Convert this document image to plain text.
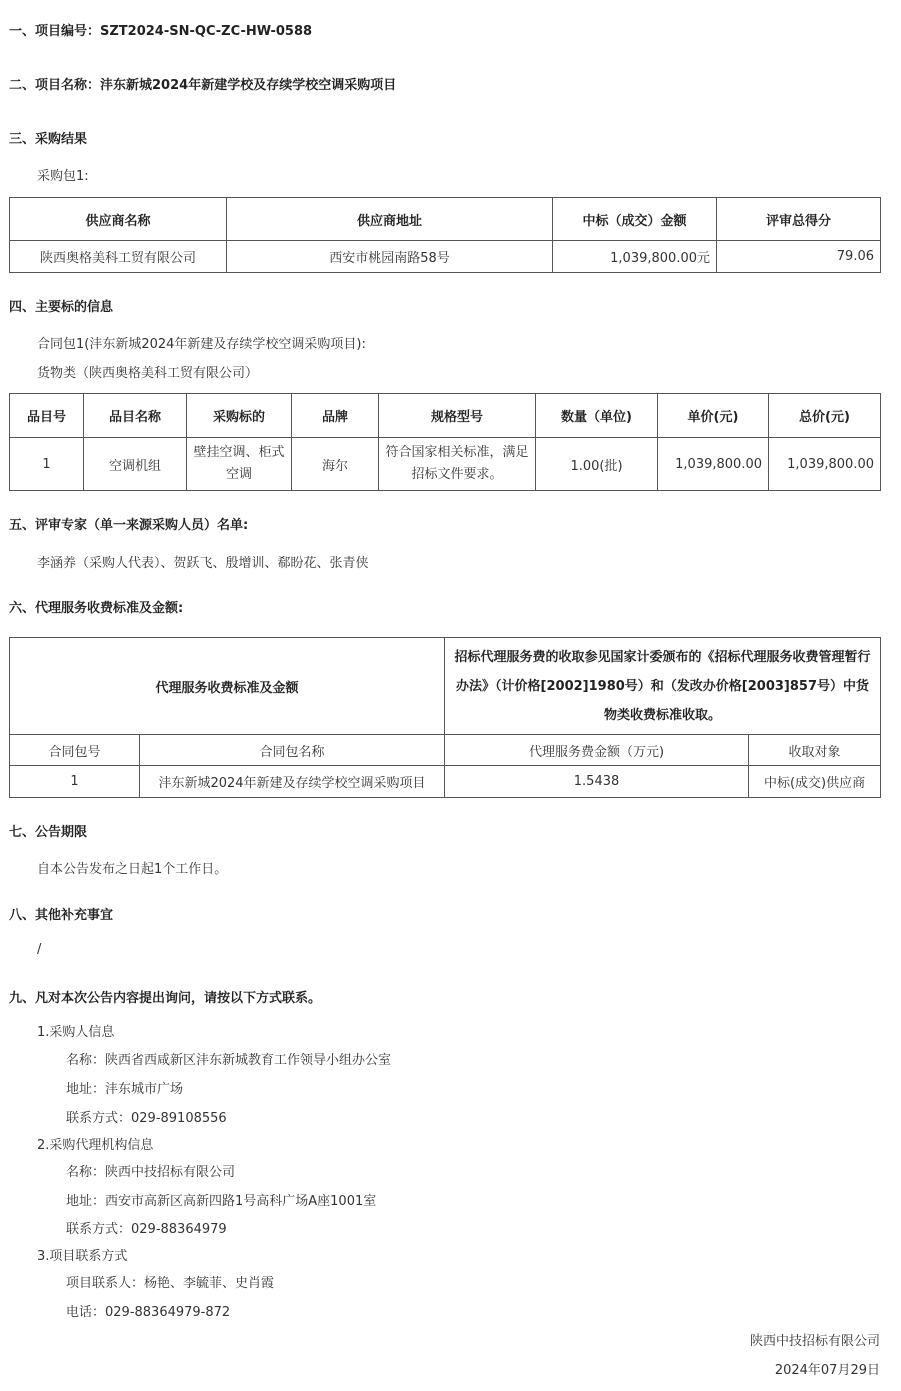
一、项目编号：SZT2024-SN-QC-ZC-HW-0588
二、项目名称：沣东新城2024年新建学校及存续学校空调采购项目
三、采购结果
采购包1:
供应商名称	供应商地址	中标（成交）金额	评审总得分
陕西奥格美科工贸有限公司	西安市桃园南路58号	1,039,800.00元	79.06
四、主要标的信息
合同包1(沣东新城2024年新建及存续学校空调采购项目):
货物类（陕西奥格美科工贸有限公司）
品目号	品目名称	采购标的	品牌	规格型号	数量（单位)	单价(元)	总价(元)
1	空调机组	壁挂空调、柜式空调	海尔	符合国家相关标准，满足招标文件要求。	1.00(批)	1,039,800.00	1,039,800.00
五、评审专家（单一来源采购人员）名单:
李涵养（采购人代表）、贺跃飞、殷增训、郗盼花、张青侠
六、代理服务收费标准及金额:
代理服务收费标准及金额		招标代理服务费的收取参见国家计委颁布的《招标代理服务收费管理暂行办法》（计价格[2002]1980号）和（发改办价格[2003]857号）中货物类收费标准收取。	
合同包号	合同包名称	代理服务费金额（万元)	收取对象
1	沣东新城2024年新建及存续学校空调采购项目	1.5438	中标(成交)供应商
七、公告期限
自本公告发布之日起1个工作日。
八、其他补充事宜
/
九、凡对本次公告内容提出询问，请按以下方式联系。
1.采购人信息
名称：陕西省西咸新区沣东新城教育工作领导小组办公室
地址：沣东城市广场
联系方式：029-89108556
2.采购代理机构信息
名称：陕西中技招标有限公司
地址：西安市高新区高新四路1号高科广场A座1001室
联系方式：029-88364979
3.项目联系方式
项目联系人：杨艳、李毓菲、史肖霞
电话：029-88364979-872
陕西中技招标有限公司
2024年07月29日
